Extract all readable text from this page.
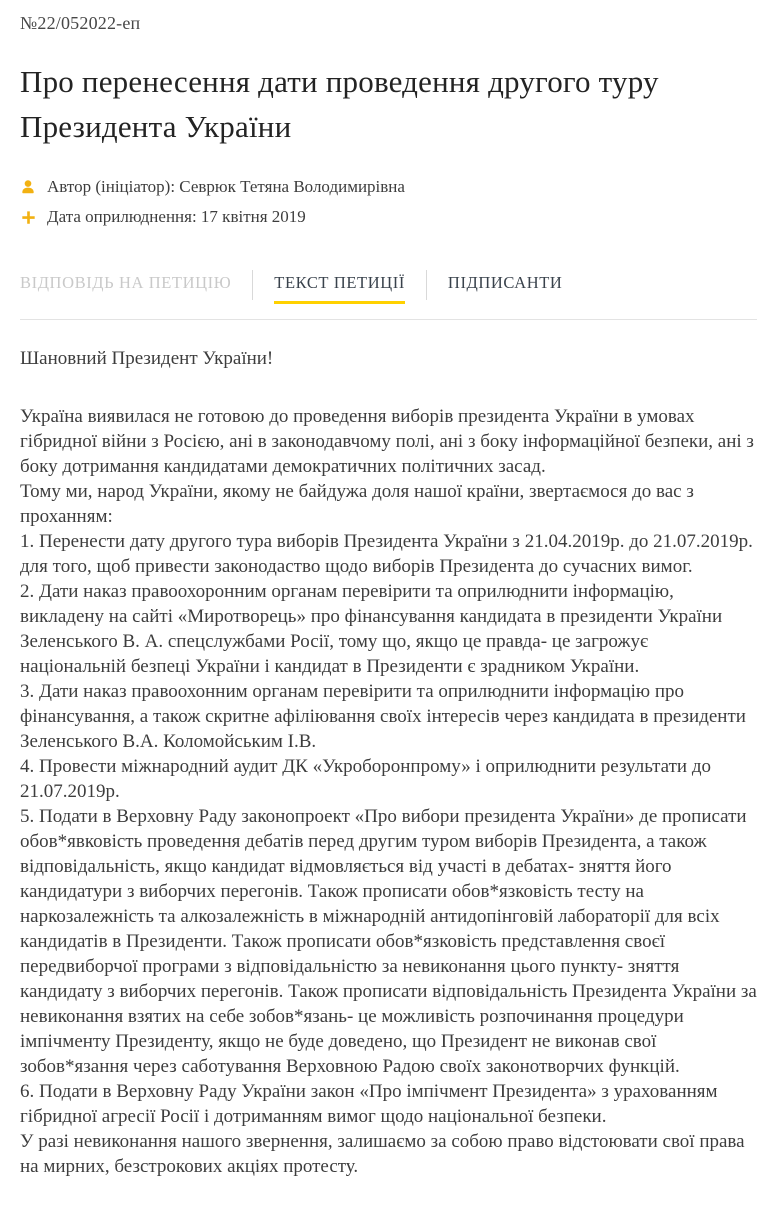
№22/052022-еп
Про перенесення дати проведення другого туру Президента України
Автор (ініціатор): Севрюк Тетяна Володимирівна
Дата оприлюднення: 17 квітня 2019
ВІДПОВІДЬ НА ПЕТИЦІЮ	ТЕКСТ ПЕТИЦІЇ	ПІДПИСАНТИ

Шановний Президент України!

Україна виявилася не готовою до проведення виборів президента України в умовах гібридної війни з Росією, ані в законодавчому полі, ані з боку інформаційної безпеки, ані з боку дотримання кандидатами демократичних політичних засад.

Тому ми, народ України, якому не байдужа доля нашої країни, звертаємося до вас з проханням:

1. Перенести дату другого тура виборів Президента України з 21.04.2019р. до 21.07.2019р. для того, щоб привести законодаство щодо виборів Президента до сучасних вимог.

2. Дати наказ правоохоронним органам перевірити та оприлюднити інформацію, викладену на сайті «Миротворець» про фінансування кандидата в президенти України Зеленського В. А. спецслужбами Росії, тому що, якщо це правда- це загрожує національній безпеці України і кандидат в Президенти є зрадником України.

3. Дати наказ правоохонним органам перевірити та оприлюднити інформацію про фінансування, а також скритне афіліювання своїх інтересів через кандидата в президенти Зеленського В.А. Коломойським І.В.

4. Провести міжнародний аудит ДК «Укроборонпрому» і оприлюднити результати до 21.07.2019р.

5. Подати в Верховну Раду законопроект «Про вибори президента України» де прописати обов*явковість проведення дебатів перед другим туром виборів Президента, а також відповідальність, якщо кандидат відмовляється від участі в дебатах- зняття його кандидатури з виборчих перегонів. Також прописати обов*язковість тесту на наркозалежність та алкозалежність в міжнародній антидопінговій лабораторії для всіх кандидатів в Президенти. Також прописати обов*язковість представлення своєї передвиборчої програми з відповідальністю за невиконання цього пункту- зняття кандидату з виборчих перегонів. Також прописати відповідальність Президента України за невиконання взятих на себе зобов*язань- це можливість розпочинання процедури імпічменту Президенту, якщо не буде доведено, що Президент не виконав свої зобов*язання через саботування Верховною Радою своїх законотворчих функцій.

6. Подати в Верховну Раду України закон «Про імпічмент Президента» з урахованням гібридної агресії Росії і дотриманням вимог щодо національної безпеки.

У разі невиконання нашого звернення, залишаємо за собою право відстоювати свої права на мирних, безстрокових акціях протесту.
